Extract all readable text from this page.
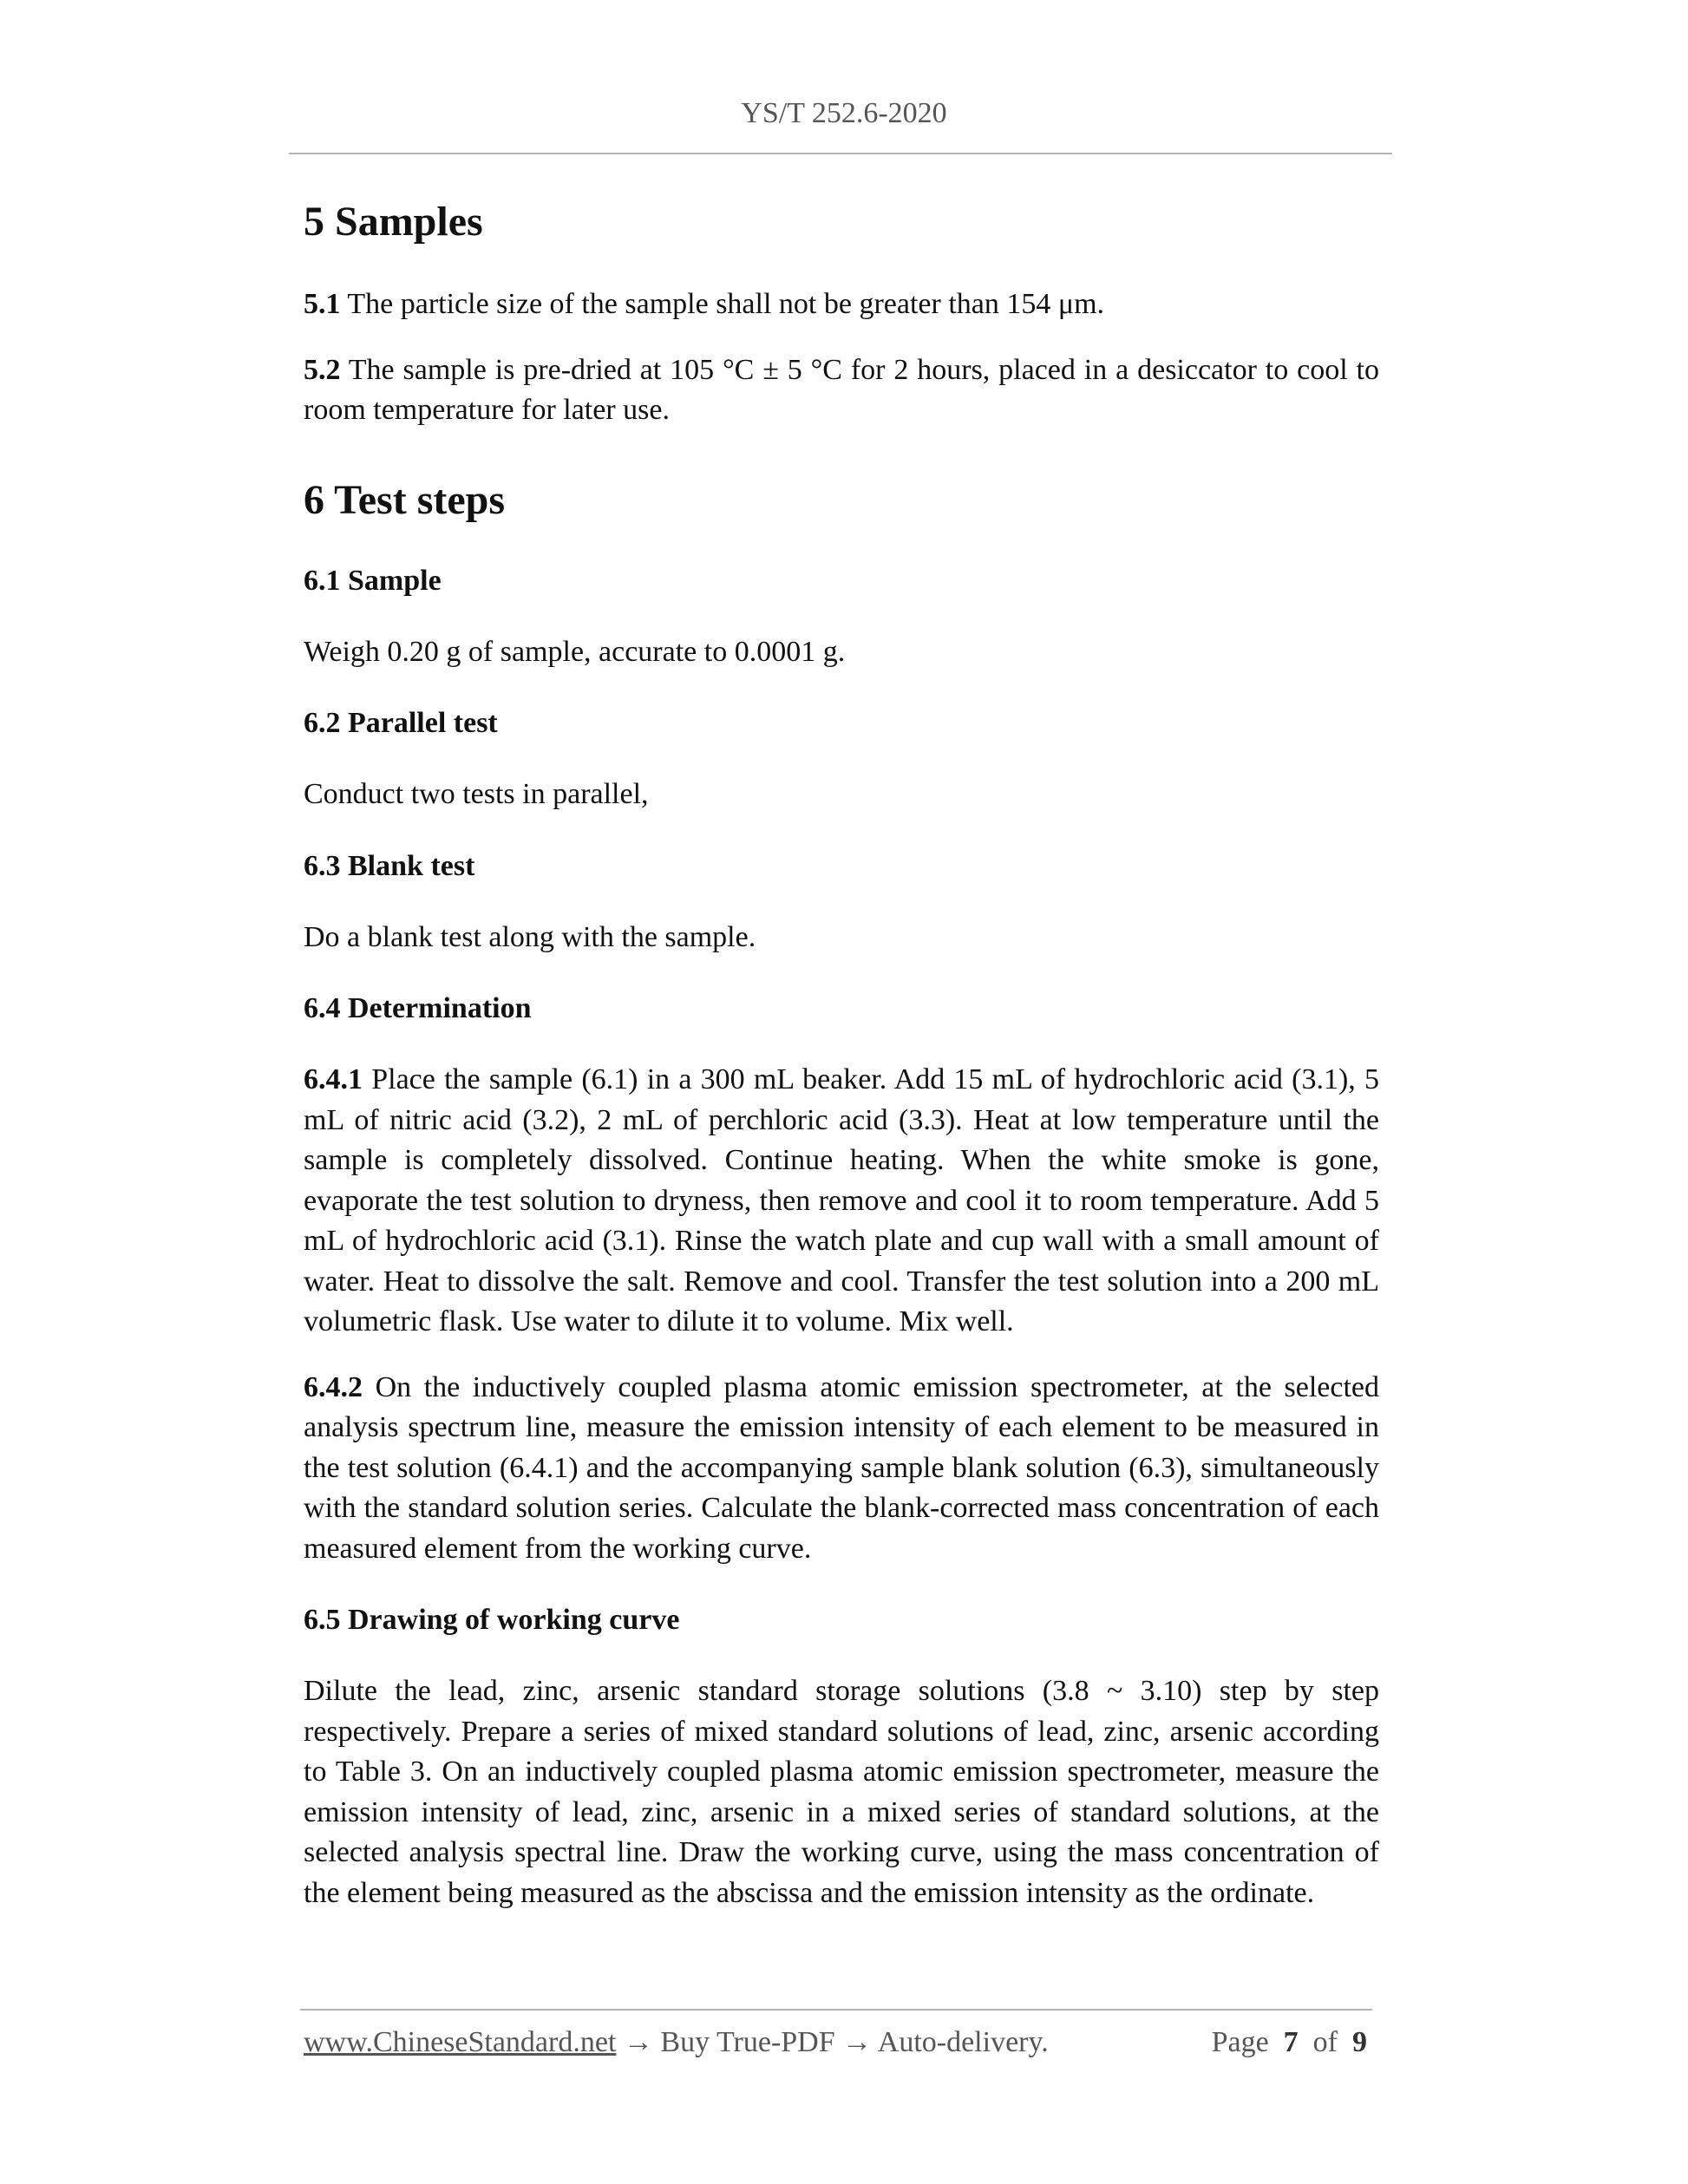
YS/T 252.6-2020
5 Samples

5.1 The particle size of the sample shall not be greater than 154 μm.

5.2 The sample is pre-dried at 105 °C ± 5 °C for 2 hours, placed in a desiccator to cool to room temperature for later use.

6 Test steps
6.1 Sample

Weigh 0.20 g of sample, accurate to 0.0001 g.

6.2 Parallel test

Conduct two tests in parallel,

6.3 Blank test

Do a blank test along with the sample.

6.4 Determination

6.4.1 Place the sample (6.1) in a 300 mL beaker. Add 15 mL of hydrochloric acid (3.1), 5 mL of nitric acid (3.2), 2 mL of perchloric acid (3.3). Heat at low temperature until the sample is completely dissolved. Continue heating. When the white smoke is gone, evaporate the test solution to dryness, then remove and cool it to room temperature. Add 5 mL of hydrochloric acid (3.1). Rinse the watch plate and cup wall with a small amount of water. Heat to dissolve the salt. Remove and cool. Transfer the test solution into a 200 mL volumetric flask. Use water to dilute it to volume. Mix well.

6.4.2 On the inductively coupled plasma atomic emission spectrometer, at the selected analysis spectrum line, measure the emission intensity of each element to be measured in the test solution (6.4.1) and the accompanying sample blank solution (6.3), simultaneously with the standard solution series. Calculate the blank-corrected mass concentration of each measured element from the working curve.

6.5 Drawing of working curve

Dilute the lead, zinc, arsenic standard storage solutions (3.8 ~ 3.10) step by step respectively. Prepare a series of mixed standard solutions of lead, zinc, arsenic according to Table 3. On an inductively coupled plasma atomic emission spectrometer, measure the emission intensity of lead, zinc, arsenic in a mixed series of standard solutions, at the selected analysis spectral line. Draw the working curve, using the mass concentration of the element being measured as the abscissa and the emission intensity as the ordinate.

www.ChineseStandard.net → Buy True-PDF → Auto-delivery.	Page 7 of 9
